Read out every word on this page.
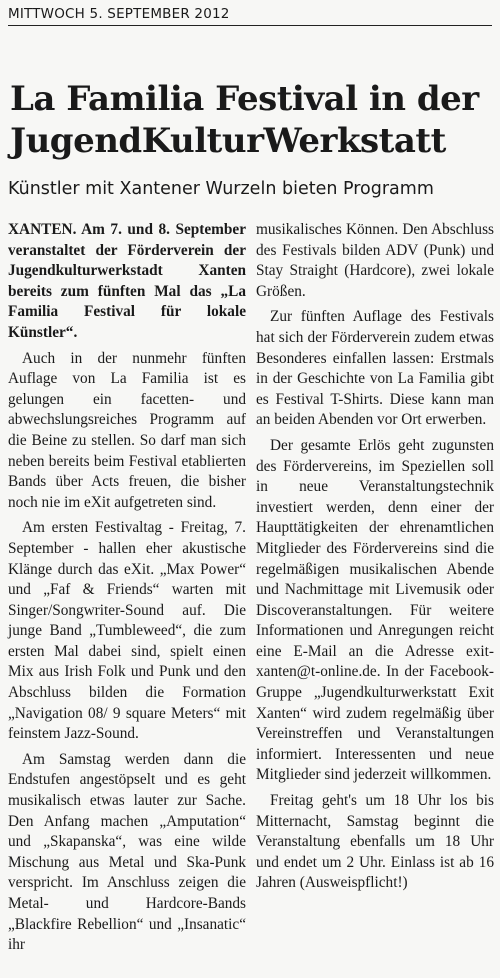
MITTWOCH 5. SEPTEMBER 2012
La Familia Festival in der JugendKulturWerkstatt

Künstler mit Xantener Wurzeln bieten Programm

XANTEN. Am 7. und 8. September veranstaltet der Förderverein der Jugendkulturwerkstadt Xanten bereits zum fünften Mal das „La Familia Festival für lokale Künstler“.

Auch in der nunmehr fünften Auflage von La Familia ist es gelungen ein facetten- und abwechslungsreiches Programm auf die Beine zu stellen. So darf man sich neben bereits beim Festival etablierten Bands über Acts freuen, die bisher noch nie im eXit aufgetreten sind.

Am ersten Festivaltag - Freitag, 7. September - hallen eher akustische Klänge durch das eXit. „Max Power“ und „Faf & Friends“ warten mit Singer/Songwriter-Sound auf. Die junge Band „Tumbleweed“, die zum ersten Mal dabei sind, spielt einen Mix aus Irish Folk und Punk und den Abschluss bilden die Formation „Navigation 08/ 9 square Meters“ mit feinstem Jazz-Sound.

Am Samstag werden dann die Endstufen angestöpselt und es geht musikalisch etwas lauter zur Sache. Den Anfang machen „Amputation“ und „Skapanska“, was eine wilde Mischung aus Metal und Ska-Punk verspricht. Im Anschluss zeigen die Metal- und Hardcore-Bands „Blackfire Rebellion“ und „Insanatic“ ihr

musikalisches Können. Den Abschluss des Festivals bilden ADV (Punk) und Stay Straight (Hardcore), zwei lokale Größen.

Zur fünften Auflage des Festivals hat sich der Förderverein zudem etwas Besonderes einfallen lassen: Erstmals in der Geschichte von La Familia gibt es Festival T-Shirts. Diese kann man an beiden Abenden vor Ort erwerben.

Der gesamte Erlös geht zugunsten des Fördervereins, im Speziellen soll in neue Veranstaltungstechnik investiert werden, denn einer der Haupttätigkeiten der ehrenamtlichen Mitglieder des Fördervereins sind die regelmäßigen musikalischen Abende und Nachmittage mit Livemusik oder Discoveranstaltungen. Für weitere Informationen und Anregungen reicht eine E-Mail an die Adresse exit-xanten@t-online.de. In der Facebook-Gruppe „Jugendkulturwerkstatt Exit Xanten“ wird zudem regelmäßig über Vereinstreffen und Veranstaltungen informiert. Interessenten und neue Mitglieder sind jederzeit willkommen.

Freitag geht's um 18 Uhr los bis Mitternacht, Samstag beginnt die Veranstaltung ebenfalls um 18 Uhr und endet um 2 Uhr. Einlass ist ab 16 Jahren (Ausweispflicht!)
